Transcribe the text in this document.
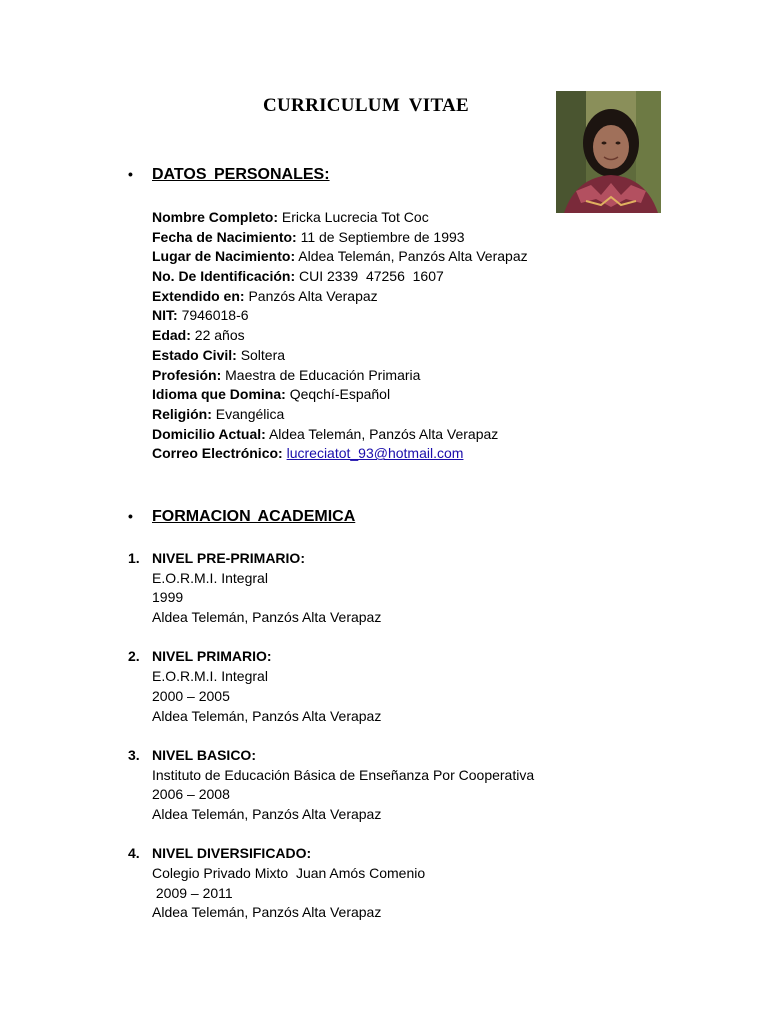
CURRICULUM VITAE
• DATOS PERSONALES:
Nombre Completo: Ericka Lucrecia Tot Coc
Fecha de Nacimiento: 11 de Septiembre de 1993
Lugar de Nacimiento: Aldea Telemán, Panzós Alta Verapaz
No. De Identificación: CUI 2339  47256  1607
Extendido en: Panzós Alta Verapaz
NIT: 7946018-6
Edad: 22 años
Estado Civil: Soltera
Profesión: Maestra de Educación Primaria
Idioma que Domina: Qeqchí-Español
Religión: Evangélica
Domicilio Actual: Aldea Telemán, Panzós Alta Verapaz
Correo Electrónico: lucreciatot_93@hotmail.com
• FORMACION ACADEMICA
1. NIVEL PRE-PRIMARIO:
E.O.R.M.I. Integral
1999
Aldea Telemán, Panzós Alta Verapaz
2. NIVEL PRIMARIO:
E.O.R.M.I. Integral
2000 – 2005
Aldea Telemán, Panzós Alta Verapaz
3. NIVEL BASICO:
Instituto de Educación Básica de Enseñanza Por Cooperativa
2006 – 2008
Aldea Telemán, Panzós Alta Verapaz
4. NIVEL DIVERSIFICADO:
Colegio Privado Mixto  Juan Amós Comenio
2009 – 2011
Aldea Telemán, Panzós Alta Verapaz
